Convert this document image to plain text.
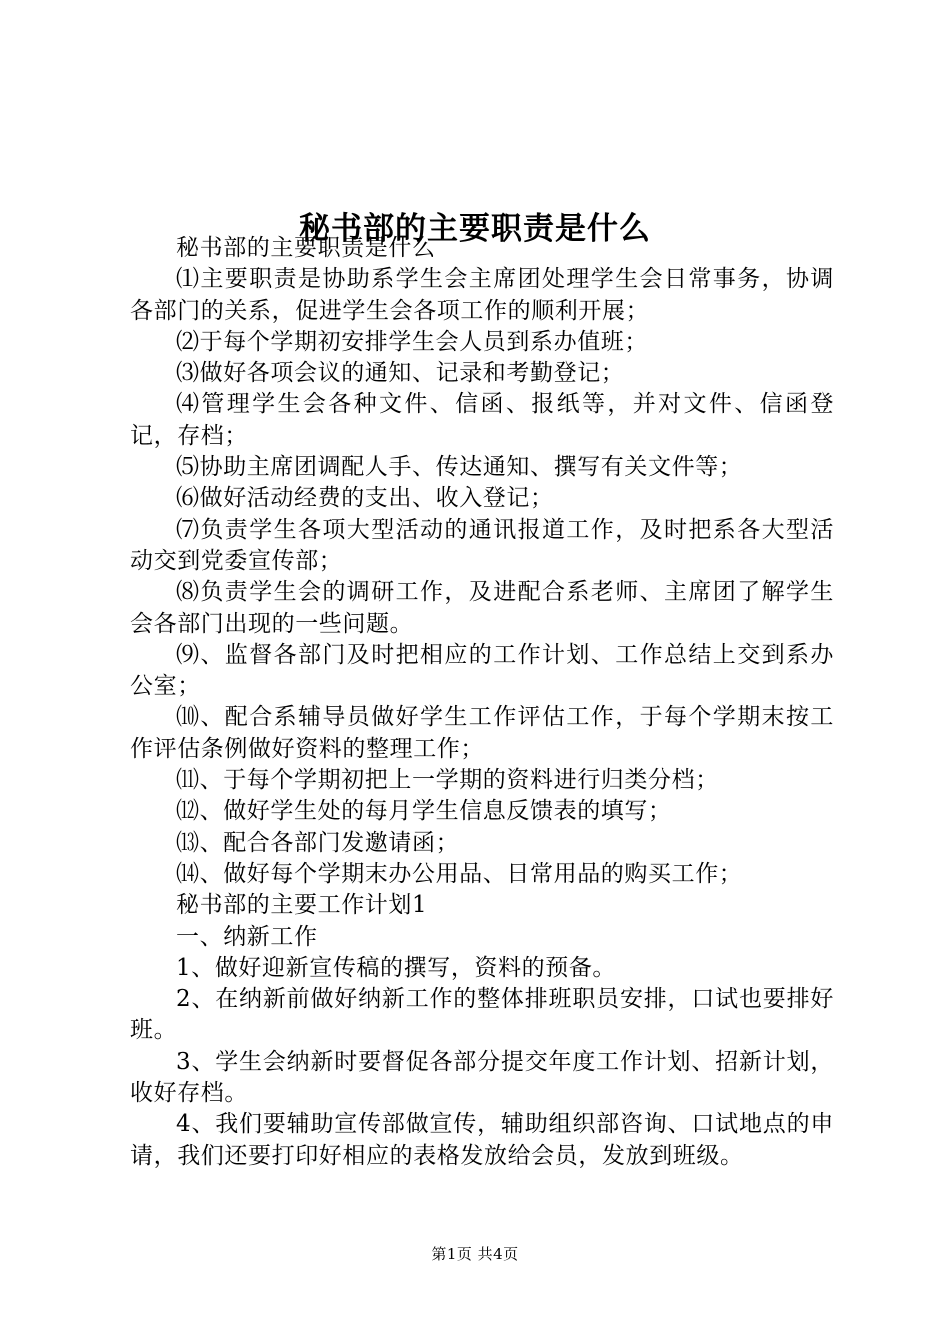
秘书部的主要职责是什么

秘书部的主要职责是什么

⑴主要职责是协助系学生会主席团处理学生会日常事务，协调各部门的关系，促进学生会各项工作的顺利开展；

⑵于每个学期初安排学生会人员到系办值班；

⑶做好各项会议的通知、记录和考勤登记；

⑷管理学生会各种文件、信函、报纸等，并对文件、信函登记，存档；

⑸协助主席团调配人手、传达通知、撰写有关文件等；

⑹做好活动经费的支出、收入登记；

⑺负责学生各项大型活动的通讯报道工作，及时把系各大型活动交到党委宣传部；

⑻负责学生会的调研工作，及进配合系老师、主席团了解学生会各部门出现的一些问题。

⑼、监督各部门及时把相应的工作计划、工作总结上交到系办公室；

⑽、配合系辅导员做好学生工作评估工作，于每个学期末按工作评估条例做好资料的整理工作；

⑾、于每个学期初把上一学期的资料进行归类分档；

⑿、做好学生处的每月学生信息反馈表的填写；

⒀、配合各部门发邀请函；

⒁、做好每个学期末办公用品、日常用品的购买工作；

秘书部的主要工作计划1

一、纳新工作

1、做好迎新宣传稿的撰写，资料的预备。

2、在纳新前做好纳新工作的整体排班职员安排，口试也要排好班。

3、学生会纳新时要督促各部分提交年度工作计划、招新计划，收好存档。

4、我们要辅助宣传部做宣传，辅助组织部咨询、口试地点的申请，我们还要打印好相应的表格发放给会员，发放到班级。

第1页 共4页
